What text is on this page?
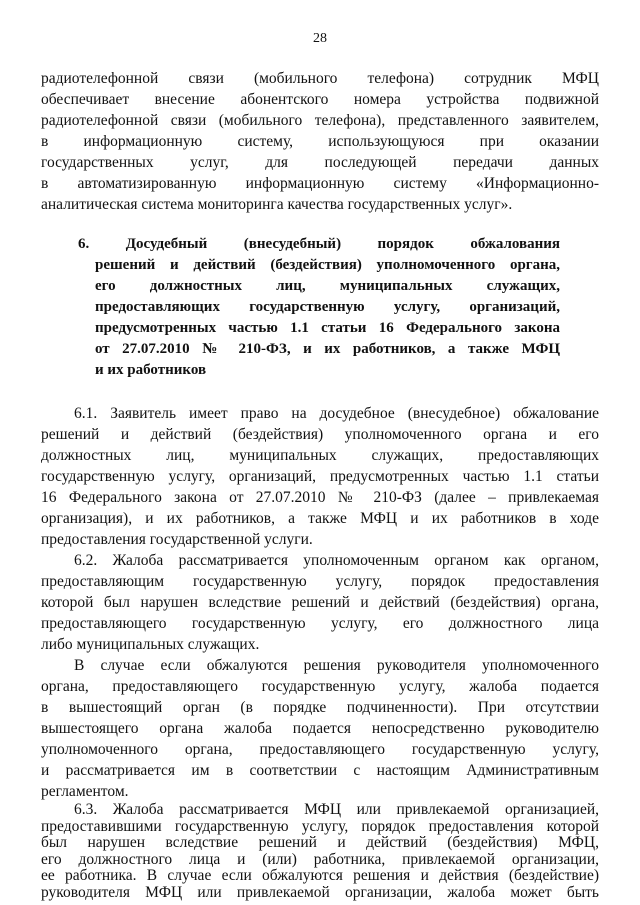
28
радиотелефонной связи (мобильного телефона) сотрудник МФЦ
обеспечивает внесение абонентского номера устройства подвижной
радиотелефонной связи (мобильного телефона), представленного заявителем,
в информационную систему, использующуюся при оказании
государственных услуг, для последующей передачи данных
в автоматизированную информационную систему «Информационно-
аналитическая система мониторинга качества государственных услуг».
6. Досудебный (внесудебный) порядок обжалования
решений и действий (бездействия) уполномоченного органа,
его должностных лиц, муниципальных служащих,
предоставляющих государственную услугу, организаций,
предусмотренных частью 1.1 статьи 16 Федерального закона
от 27.07.2010 № 210-ФЗ, и их работников, а также МФЦ
и их работников
6.1. Заявитель имеет право на досудебное (внесудебное) обжалование
решений и действий (бездействия) уполномоченного органа и его
должностных лиц, муниципальных служащих, предоставляющих
государственную услугу, организаций, предусмотренных частью 1.1 статьи
16 Федерального закона от 27.07.2010 № 210-ФЗ (далее – привлекаемая
организация), и их работников, а также МФЦ и их работников в ходе
предоставления государственной услуги.
6.2. Жалоба рассматривается уполномоченным органом как органом,
предоставляющим государственную услугу, порядок предоставления
которой был нарушен вследствие решений и действий (бездействия) органа,
предоставляющего государственную услугу, его должностного лица
либо муниципальных служащих.
В случае если обжалуются решения руководителя уполномоченного
органа, предоставляющего государственную услугу, жалоба подается
в вышестоящий орган (в порядке подчиненности). При отсутствии
вышестоящего органа жалоба подается непосредственно руководителю
уполномоченного органа, предоставляющего государственную услугу,
и рассматривается им в соответствии с настоящим Административным
регламентом.
6.3. Жалоба рассматривается МФЦ или привлекаемой организацией,
предоставившими государственную услугу, порядок предоставления которой
был нарушен вследствие решений и действий (бездействия) МФЦ,
его должностного лица и (или) работника, привлекаемой организации,
ее работника. В случае если обжалуются решения и действия (бездействие)
руководителя МФЦ или привлекаемой организации, жалоба может быть
